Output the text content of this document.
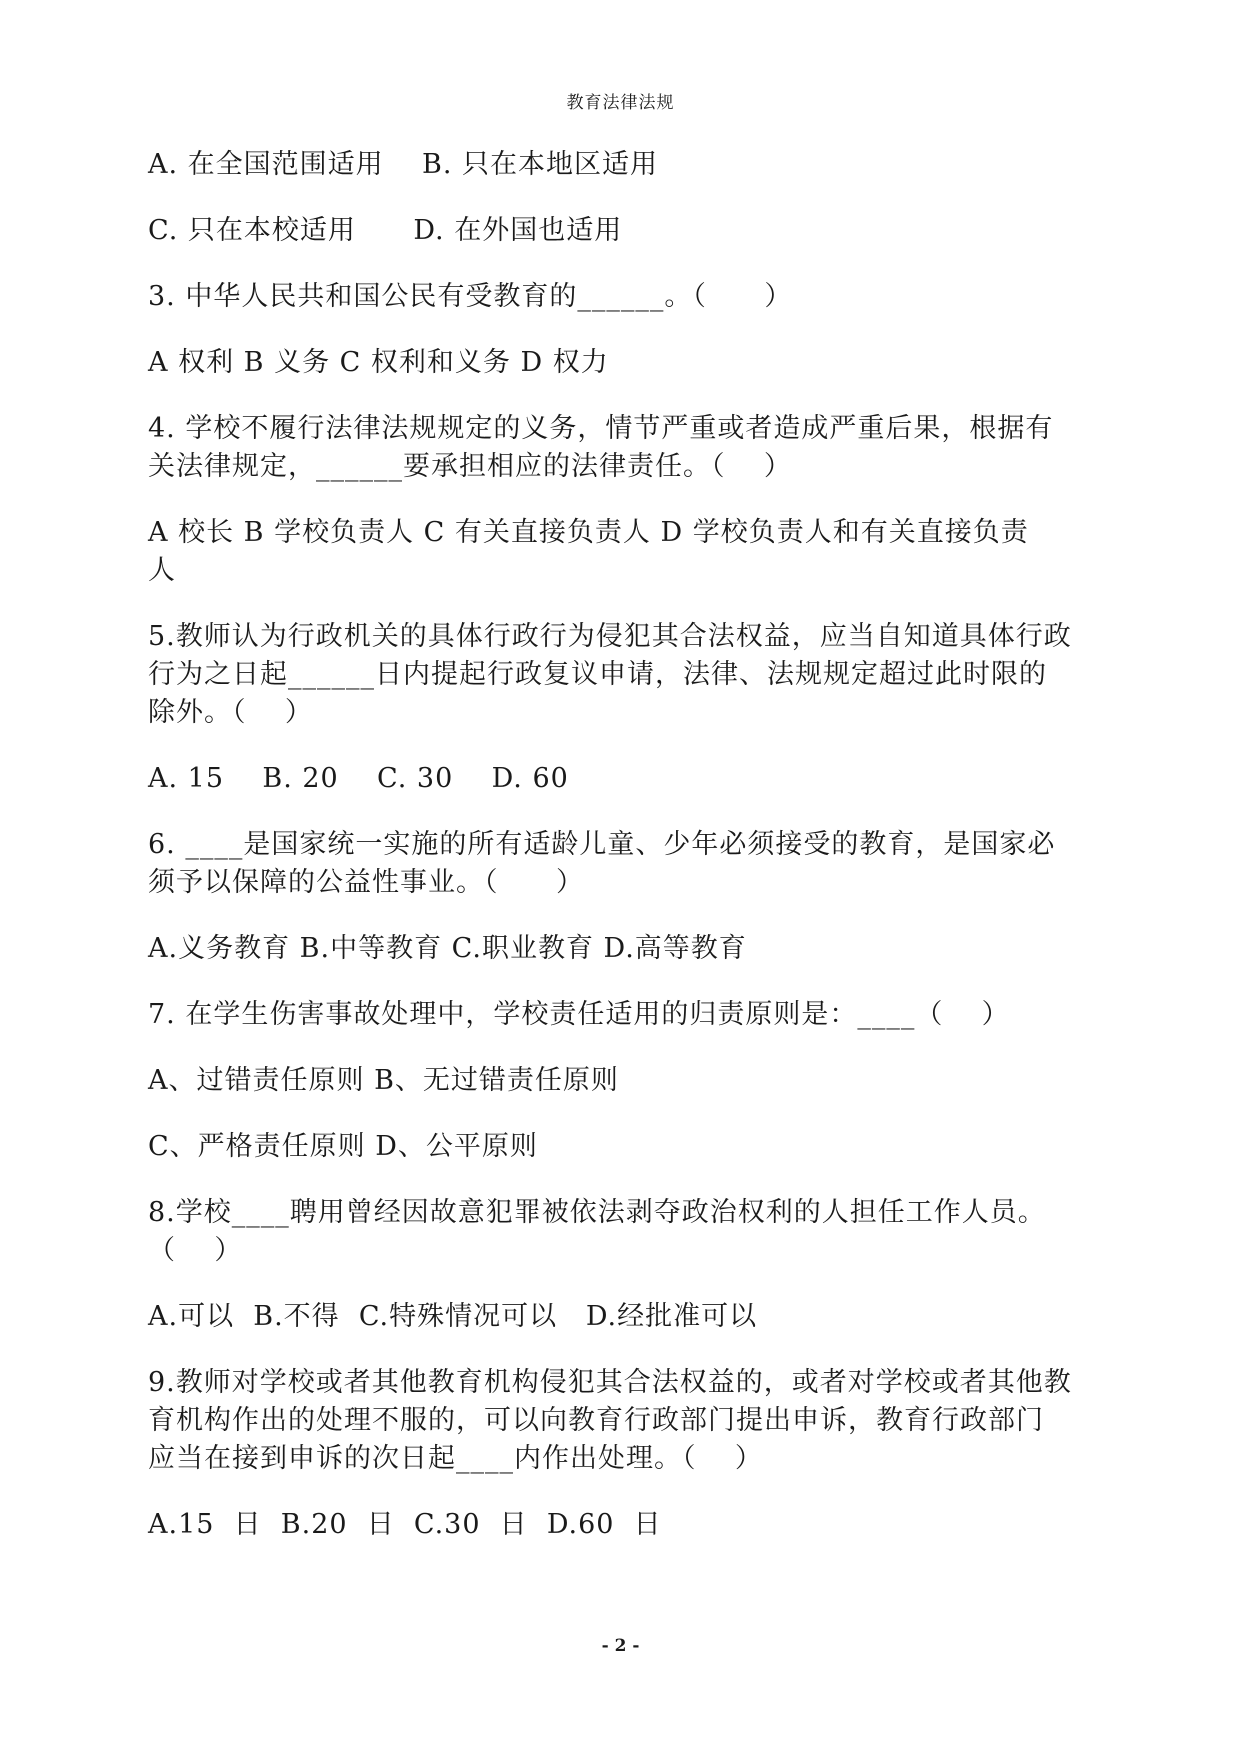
教育法律法规
A. 在全国范围适用    B. 只在本地区适用
C. 只在本校适用      D. 在外国也适用
3. 中华人民共和国公民有受教育的______。（      ）
A 权利 B 义务 C 权利和义务 D 权力
4. 学校不履行法律法规规定的义务，情节严重或者造成严重后果，根据有
关法律规定，______要承担相应的法律责任。（    ）
A 校长 B 学校负责人 C 有关直接负责人 D 学校负责人和有关直接负责
人
5.教师认为行政机关的具体行政行为侵犯其合法权益，应当自知道具体行政
行为之日起______日内提起行政复议申请，法律、法规规定超过此时限的
除外。（    ）
A. 15    B. 20    C. 30    D. 60
6. ____是国家统一实施的所有适龄儿童、少年必须接受的教育，是国家必
须予以保障的公益性事业。（      ）
A.义务教育 B.中等教育 C.职业教育 D.高等教育
7. 在学生伤害事故处理中，学校责任适用的归责原则是：____（    ）
A、过错责任原则 B、无过错责任原则
C、严格责任原则 D、公平原则
8.学校____聘用曾经因故意犯罪被依法剥夺政治权利的人担任工作人员。
（    ）
A.可以  B.不得  C.特殊情况可以   D.经批准可以
9.教师对学校或者其他教育机构侵犯其合法权益的，或者对学校或者其他教
育机构作出的处理不服的，可以向教育行政部门提出申诉，教育行政部门
应当在接到申诉的次日起____内作出处理。（    ）
A.15  日  B.20  日  C.30  日  D.60  日
- 2 -
